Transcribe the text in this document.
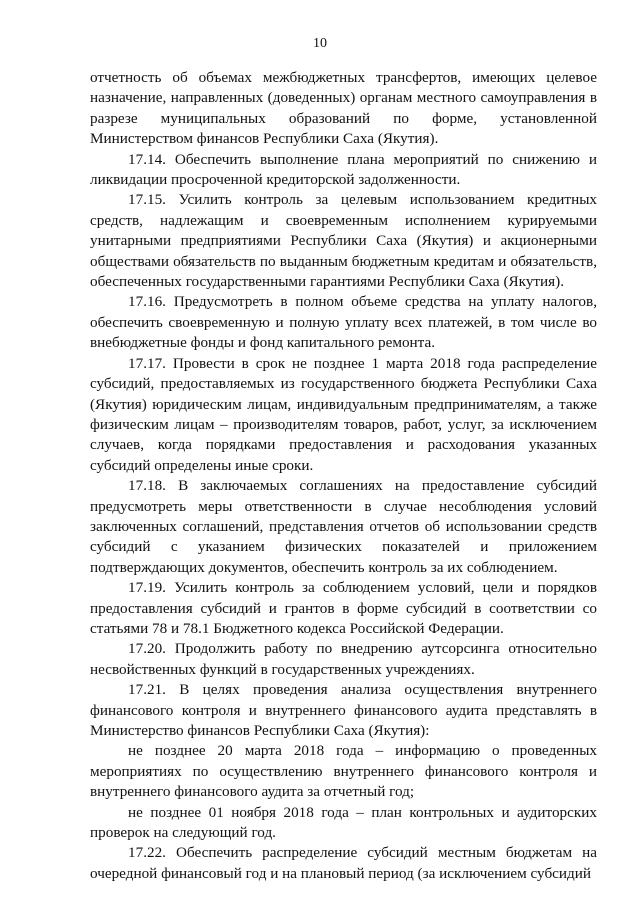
10

отчетность об объемах межбюджетных трансфертов, имеющих целевое назначение, направленных (доведенных) органам местного самоуправления в разрезе муниципальных образований по форме, установленной Министерством финансов Республики Саха (Якутия).

17.14. Обеспечить выполнение плана мероприятий по снижению и ликвидации просроченной кредиторской задолженности.

17.15. Усилить контроль за целевым использованием кредитных средств, надлежащим и своевременным исполнением курируемыми унитарными предприятиями Республики Саха (Якутия) и акционерными обществами обязательств по выданным бюджетным кредитам и обязательств, обеспеченных государственными гарантиями Республики Саха (Якутия).

17.16. Предусмотреть в полном объеме средства на уплату налогов, обеспечить своевременную и полную уплату всех платежей, в том числе во внебюджетные фонды и фонд капитального ремонта.

17.17. Провести в срок не позднее 1 марта 2018 года распределение субсидий, предоставляемых из государственного бюджета Республики Саха (Якутия) юридическим лицам, индивидуальным предпринимателям, а также физическим лицам – производителям товаров, работ, услуг, за исключением случаев, когда порядками предоставления и расходования указанных субсидий определены иные сроки.

17.18. В заключаемых соглашениях на предоставление субсидий предусмотреть меры ответственности в случае несоблюдения условий заключенных соглашений, представления отчетов об использовании средств субсидий с указанием физических показателей и приложением подтверждающих документов, обеспечить контроль за их соблюдением.

17.19. Усилить контроль за соблюдением условий, цели и порядков предоставления субсидий и грантов в форме субсидий в соответствии со статьями 78 и 78.1 Бюджетного кодекса Российской Федерации.

17.20. Продолжить работу по внедрению аутсорсинга относительно несвойственных функций в государственных учреждениях.

17.21. В целях проведения анализа осуществления внутреннего финансового контроля и внутреннего финансового аудита представлять в Министерство финансов Республики Саха (Якутия):

не позднее 20 марта 2018 года – информацию о проведенных мероприятиях по осуществлению внутреннего финансового контроля и внутреннего финансового аудита за отчетный год;

не позднее 01 ноября 2018 года – план контрольных и аудиторских проверок на следующий год.

17.22. Обеспечить распределение субсидий местным бюджетам на очередной финансовый год и на плановый период (за исключением субсидий
